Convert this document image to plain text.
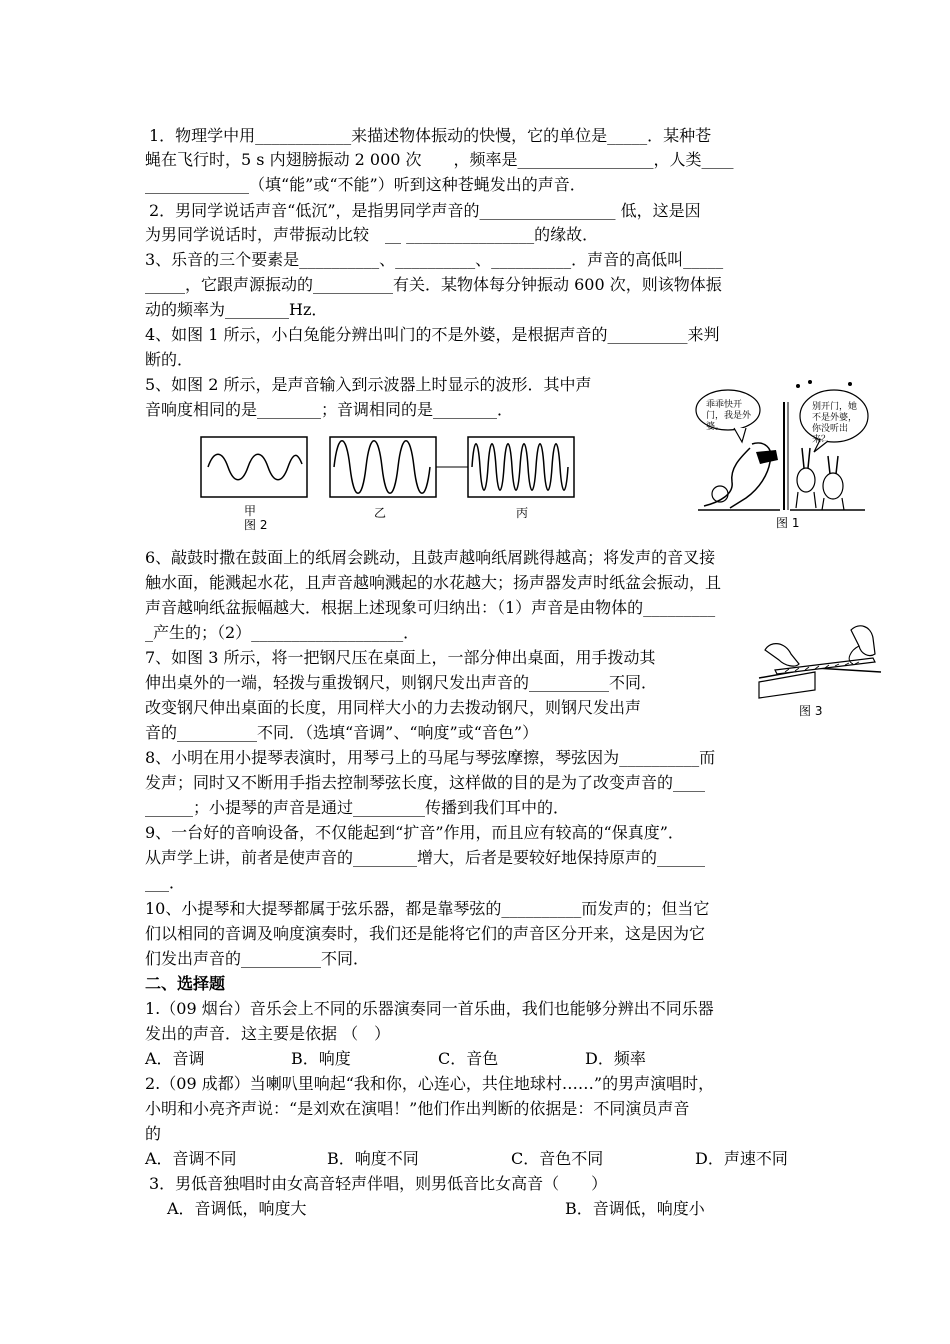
1．物理学中用____________来描述物体振动的快慢，它的单位是_____．某种苍
蝇在飞行时，5 s 内翅膀振动 2 000 次　　，频率是_________________，人类____
_____________（填“能”或“不能”）听到这种苍蝇发出的声音．
2．男同学说话声音“低沉”，是指男同学声音的_________________ 低，这是因
为男同学说话时，声带振动比较　__ ________________的缘故．
3、乐音的三个要素是__________、__________、__________．声音的高低叫_____
_____，它跟声源振动的__________有关．某物体每分钟振动 600 次，则该物体振
动的频率为________Hz．
4、如图 1 所示，小白兔能分辨出叫门的不是外婆，是根据声音的__________来判
断的．
5、如图 2 所示，是声音输入到示波器上时显示的波形．其中声
音响度相同的是________；音调相同的是________．
甲
图 2
乙	丙
乖乖快开门，我是外婆。
别开门，她不是外婆，你没听出来？
图 1
6、敲鼓时撒在鼓面上的纸屑会跳动，且鼓声越响纸屑跳得越高；将发声的音叉接
触水面，能溅起水花，且声音越响溅起的水花越大；扬声器发声时纸盆会振动，且
声音越响纸盆振幅越大．根据上述现象可归纳出：（1）声音是由物体的_________
_产生的；（2）___________________．
7、如图 3 所示，将一把钢尺压在桌面上，一部分伸出桌面，用手拨动其
伸出桌外的一端，轻拨与重拨钢尺，则钢尺发出声音的__________不同．
改变钢尺伸出桌面的长度，用同样大小的力去拨动钢尺，则钢尺发出声
音的__________不同．（选填“音调”、“响度”或“音色”）
8、小明在用小提琴表演时，用琴弓上的马尾与琴弦摩擦，琴弦因为__________而
发声；同时又不断用手指去控制琴弦长度，这样做的目的是为了改变声音的____
______；小提琴的声音是通过_________传播到我们耳中的．
9、一台好的音响设备，不仅能起到“扩音”作用，而且应有较高的“保真度”．
从声学上讲，前者是使声音的________增大，后者是要较好地保持原声的______
___．
10、小提琴和大提琴都属于弦乐器，都是靠琴弦的__________而发声的；但当它
们以相同的音调及响度演奏时，我们还是能将它们的声音区分开来，这是因为它
们发出声音的__________不同．
二、选择题
1.（09 烟台）音乐会上不同的乐器演奏同一首乐曲，我们也能够分辨出不同乐器
发出的声音．这主要是依据 （　）
A．音调	B．响度	C．音色	D．频率
2.（09 成都）当喇叭里响起“我和你，心连心，共住地球村……”的男声演唱时，
小明和小亮齐声说：“是刘欢在演唱！”他们作出判断的依据是：不同演员声音
的
A．音调不同	B．响度不同	C．音色不同	D．声速不同
3．男低音独唱时由女高音轻声伴唱，则男低音比女高音（　　）
A．音调低，响度大	B．音调低，响度小
图 3
